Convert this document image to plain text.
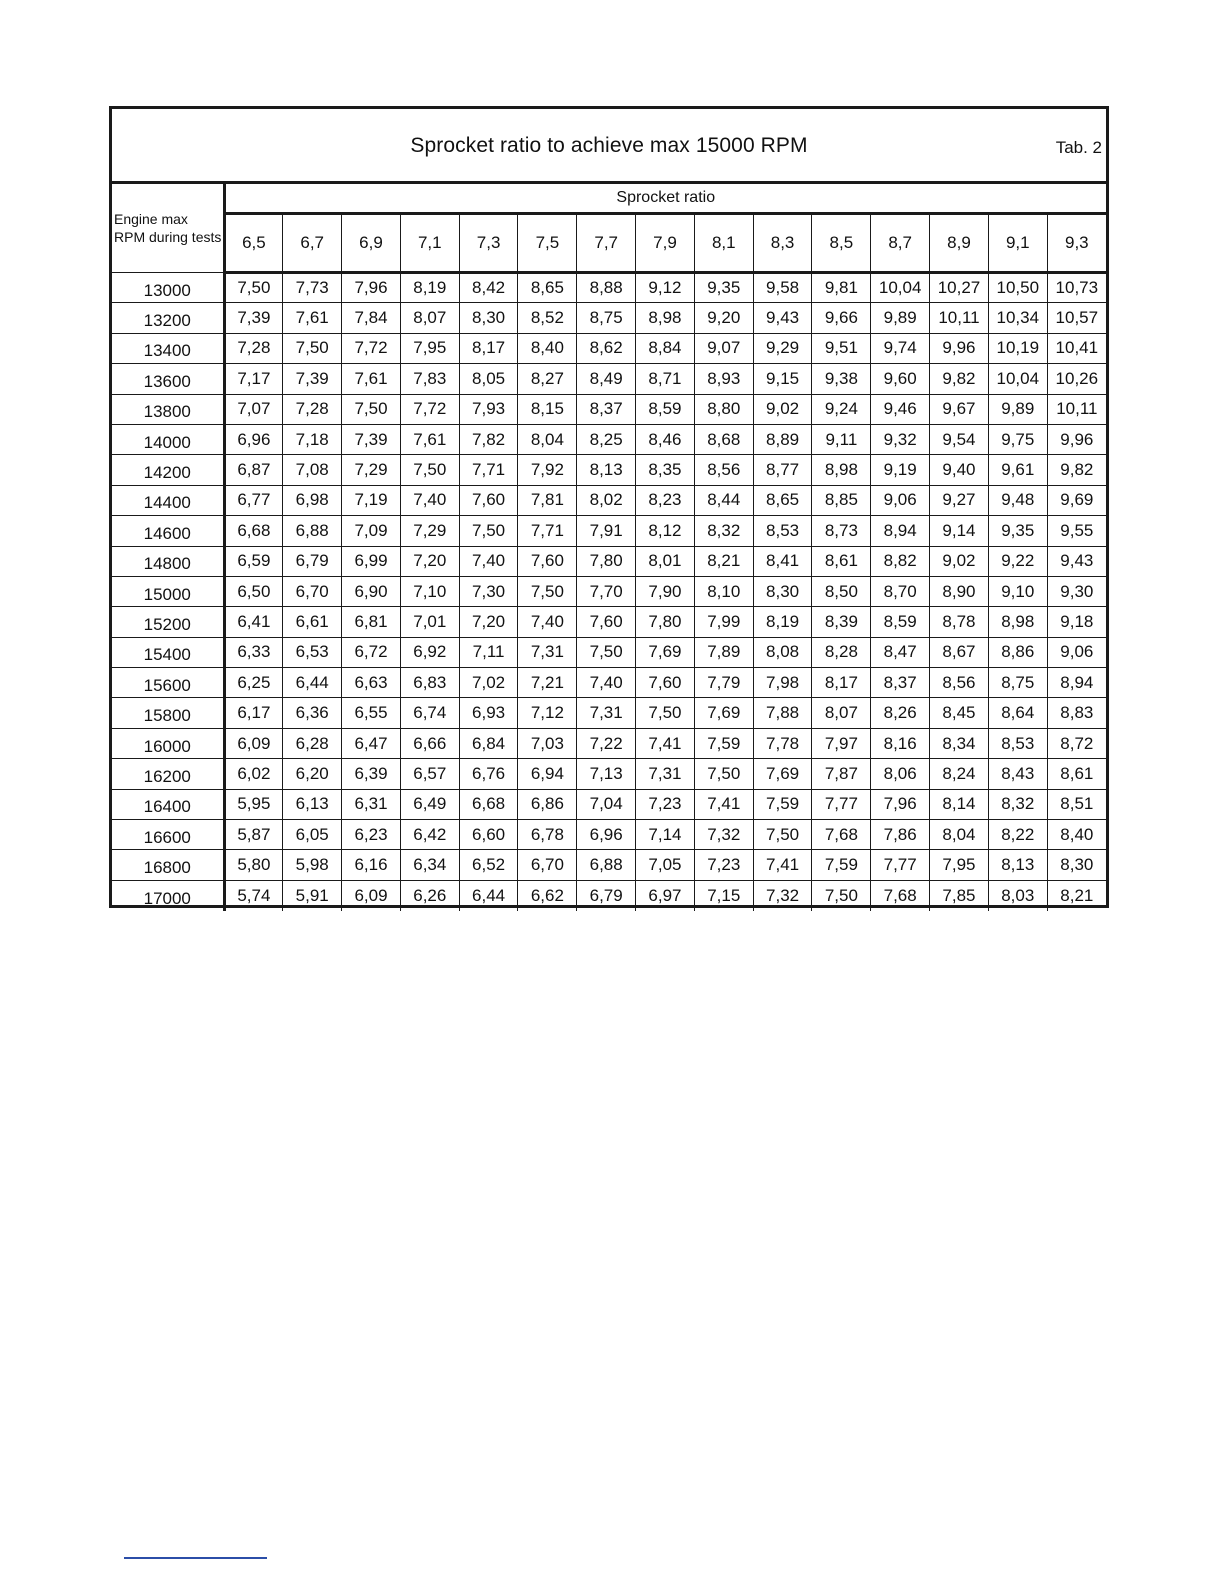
Sprocket ratio to achieve max 15000 RPM	Tab. 2
Engine max RPM during tests	Sprocket ratio														
	6,5	6,7	6,9	7,1	7,3	7,5	7,7	7,9	8,1	8,3	8,5	8,7	8,9	9,1	9,3
13000	7,50	7,73	7,96	8,19	8,42	8,65	8,88	9,12	9,35	9,58	9,81	10,04	10,27	10,50	10,73
13200	7,39	7,61	7,84	8,07	8,30	8,52	8,75	8,98	9,20	9,43	9,66	9,89	10,11	10,34	10,57
13400	7,28	7,50	7,72	7,95	8,17	8,40	8,62	8,84	9,07	9,29	9,51	9,74	9,96	10,19	10,41
13600	7,17	7,39	7,61	7,83	8,05	8,27	8,49	8,71	8,93	9,15	9,38	9,60	9,82	10,04	10,26
13800	7,07	7,28	7,50	7,72	7,93	8,15	8,37	8,59	8,80	9,02	9,24	9,46	9,67	9,89	10,11
14000	6,96	7,18	7,39	7,61	7,82	8,04	8,25	8,46	8,68	8,89	9,11	9,32	9,54	9,75	9,96
14200	6,87	7,08	7,29	7,50	7,71	7,92	8,13	8,35	8,56	8,77	8,98	9,19	9,40	9,61	9,82
14400	6,77	6,98	7,19	7,40	7,60	7,81	8,02	8,23	8,44	8,65	8,85	9,06	9,27	9,48	9,69
14600	6,68	6,88	7,09	7,29	7,50	7,71	7,91	8,12	8,32	8,53	8,73	8,94	9,14	9,35	9,55
14800	6,59	6,79	6,99	7,20	7,40	7,60	7,80	8,01	8,21	8,41	8,61	8,82	9,02	9,22	9,43
15000	6,50	6,70	6,90	7,10	7,30	7,50	7,70	7,90	8,10	8,30	8,50	8,70	8,90	9,10	9,30
15200	6,41	6,61	6,81	7,01	7,20	7,40	7,60	7,80	7,99	8,19	8,39	8,59	8,78	8,98	9,18
15400	6,33	6,53	6,72	6,92	7,11	7,31	7,50	7,69	7,89	8,08	8,28	8,47	8,67	8,86	9,06
15600	6,25	6,44	6,63	6,83	7,02	7,21	7,40	7,60	7,79	7,98	8,17	8,37	8,56	8,75	8,94
15800	6,17	6,36	6,55	6,74	6,93	7,12	7,31	7,50	7,69	7,88	8,07	8,26	8,45	8,64	8,83
16000	6,09	6,28	6,47	6,66	6,84	7,03	7,22	7,41	7,59	7,78	7,97	8,16	8,34	8,53	8,72
16200	6,02	6,20	6,39	6,57	6,76	6,94	7,13	7,31	7,50	7,69	7,87	8,06	8,24	8,43	8,61
16400	5,95	6,13	6,31	6,49	6,68	6,86	7,04	7,23	7,41	7,59	7,77	7,96	8,14	8,32	8,51
16600	5,87	6,05	6,23	6,42	6,60	6,78	6,96	7,14	7,32	7,50	7,68	7,86	8,04	8,22	8,40
16800	5,80	5,98	6,16	6,34	6,52	6,70	6,88	7,05	7,23	7,41	7,59	7,77	7,95	8,13	8,30
17000	5,74	5,91	6,09	6,26	6,44	6,62	6,79	6,97	7,15	7,32	7,50	7,68	7,85	8,03	8,21
